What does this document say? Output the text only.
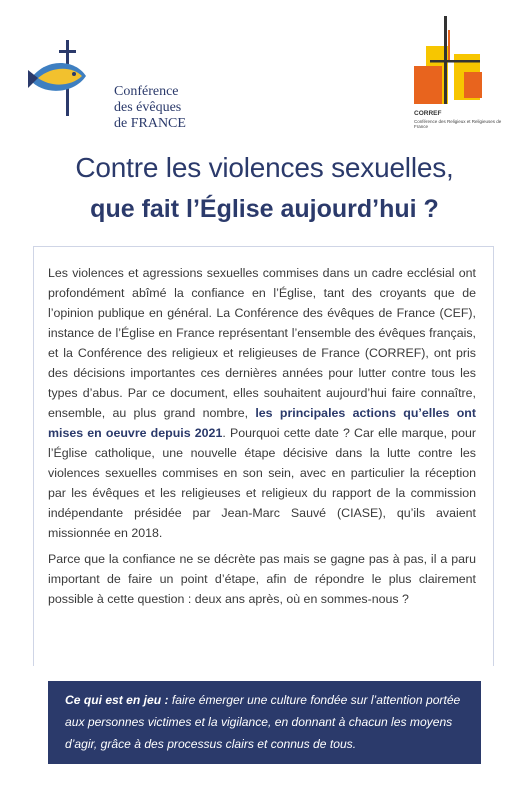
Conférence
des évêques
de FRANCE
CORREF
Conférence des Religieux et Religieuses de France
Contre les violences sexuelles,
que fait l’Église aujourd’hui ?

Les violences et agressions sexuelles commises dans un cadre ecclésial ont profondément abîmé la confiance en l’Église, tant des croyants que de l’opinion publique en général. La Conférence des évêques de France (CEF), instance de l’Église en France représentant l’ensemble des évêques français, et la Conférence des religieux et religieuses de France (CORREF), ont pris des décisions importantes ces dernières années pour lutter contre tous les types d’abus. Par ce document, elles souhaitent aujourd’hui faire connaître, ensemble, au plus grand nombre, les principales actions qu’elles ont mises en oeuvre depuis 2021. Pourquoi cette date ? Car elle marque, pour l’Église catholique, une nouvelle étape décisive dans la lutte contre les violences sexuelles commises en son sein, avec en particulier la réception par les évêques et les religieuses et religieux du rapport de la commission indépendante présidée par Jean-Marc Sauvé (CIASE), qu’ils avaient missionnée en 2018.

Parce que la confiance ne se décrète pas mais se gagne pas à pas, il a paru important de faire un point d’étape, afin de répondre le plus clairement possible à cette question : deux ans après, où en sommes-nous ?

Ce qui est en jeu : faire émerger une culture fondée sur l’attention portée aux personnes victimes et la vigilance, en donnant à chacun les moyens d’agir, grâce à des processus clairs et connus de tous.
